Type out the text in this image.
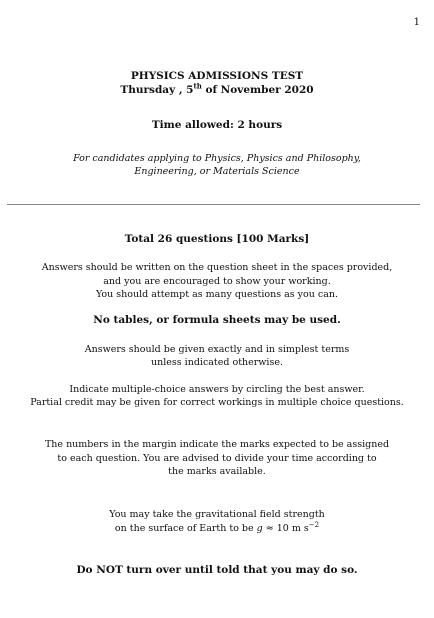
1
PHYSICS ADMISSIONS TEST
Thursday , 5th of November 2020
Time allowed: 2 hours
For candidates applying to Physics, Physics and Philosophy,
Engineering, or Materials Science
Total 26 questions [100 Marks]
Answers should be written on the question sheet in the spaces provided,
and you are encouraged to show your working.
You should attempt as many questions as you can.
No tables, or formula sheets may be used.
Answers should be given exactly and in simplest terms
unless indicated otherwise.
Indicate multiple-choice answers by circling the best answer.
Partial credit may be given for correct workings in multiple choice questions.
The numbers in the margin indicate the marks expected to be assigned
to each question. You are advised to divide your time according to
the marks available.
You may take the gravitational field strength
on the surface of Earth to be g ≈ 10 m $s^{-2}$
Do NOT turn over until told that you may do so.
